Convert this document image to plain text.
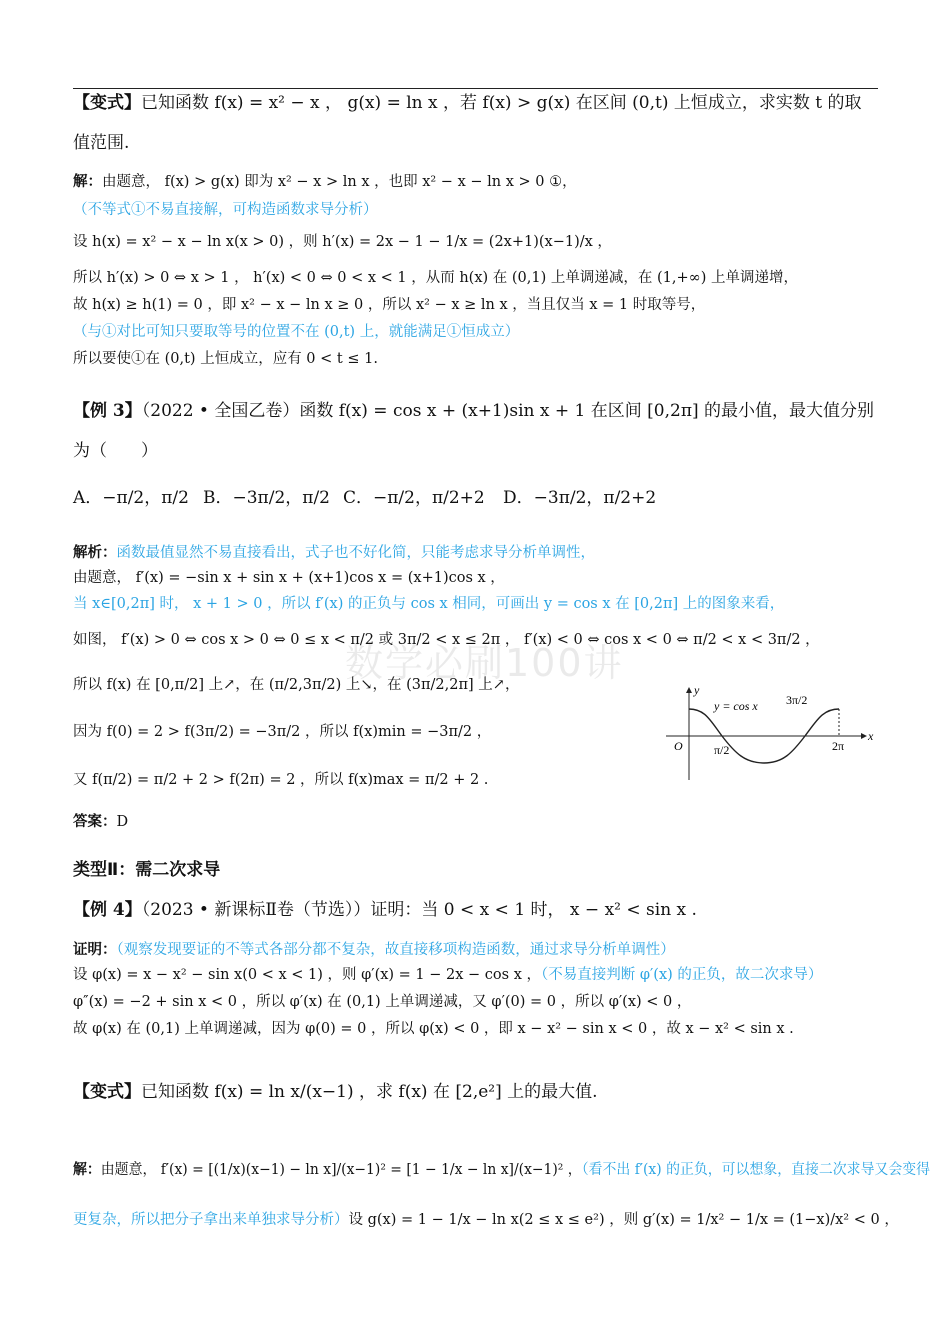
数学必刷100讲
【变式】已知函数 f(x) = x² − x ， g(x) = ln x ，若 f(x) > g(x) 在区间 (0,t) 上恒成立，求实数 t 的取
值范围.
解：由题意， f(x) > g(x) 即为 x² − x > ln x ，也即 x² − x − ln x > 0 ①，
（不等式①不易直接解，可构造函数求导分析）
设 h(x) = x² − x − ln x(x > 0) ，则 h′(x) = 2x − 1 − 1/x = (2x+1)(x−1)/x ，
所以 h′(x) > 0 ⇔ x > 1 ， h′(x) < 0 ⇔ 0 < x < 1 ，从而 h(x) 在 (0,1) 上单调递减，在 (1,+∞) 上单调递增，
故 h(x) ≥ h(1) = 0 ，即 x² − x − ln x ≥ 0 ，所以 x² − x ≥ ln x ，当且仅当 x = 1 时取等号，
（与①对比可知只要取等号的位置不在 (0,t) 上，就能满足①恒成立）
所以要使①在 (0,t) 上恒成立，应有 0 < t ≤ 1.
【例 3】（2022 • 全国乙卷）函数 f(x) = cos x + (x+1)sin x + 1 在区间 [0,2π] 的最小值，最大值分别
为（　　）
A．−π/2，π/2 B．−3π/2，π/2 C．−π/2，π/2+2 D．−3π/2，π/2+2
解析：函数最值显然不易直接看出，式子也不好化简，只能考虑求导分析单调性，
由题意， f′(x) = −sin x + sin x + (x+1)cos x = (x+1)cos x ，
当 x∈[0,2π] 时， x + 1 > 0 ，所以 f′(x) 的正负与 cos x 相同，可画出 y = cos x 在 [0,2π] 上的图象来看，
如图， f′(x) > 0 ⇔ cos x > 0 ⇔ 0 ≤ x < π/2 或 3π/2 < x ≤ 2π ， f′(x) < 0 ⇔ cos x < 0 ⇔ π/2 < x < 3π/2 ，
所以 f(x) 在 [0,π/2] 上↗，在 (π/2,3π/2) 上↘，在 (3π/2,2π] 上↗，
因为 f(0) = 2 > f(3π/2) = −3π/2 ，所以 f(x)min = −3π/2 ，
又 f(π/2) = π/2 + 2 > f(2π) = 2 ，所以 f(x)max = π/2 + 2 .
答案：D
y
x
O
y = cos x
π/2
3π/2
2π
类型Ⅱ：需二次求导
【例 4】（2023 • 新课标Ⅱ卷（节选））证明：当 0 < x < 1 时， x − x² < sin x .
证明：（观察发现要证的不等式各部分都不复杂，故直接移项构造函数，通过求导分析单调性）
设 φ(x) = x − x² − sin x(0 < x < 1) ，则 φ′(x) = 1 − 2x − cos x ，（不易直接判断 φ′(x) 的正负，故二次求导）
φ″(x) = −2 + sin x < 0 ，所以 φ′(x) 在 (0,1) 上单调递减，又 φ′(0) = 0 ，所以 φ′(x) < 0 ，
故 φ(x) 在 (0,1) 上单调递减，因为 φ(0) = 0 ，所以 φ(x) < 0 ，即 x − x² − sin x < 0 ，故 x − x² < sin x .
【变式】已知函数 f(x) = ln x/(x−1) ，求 f(x) 在 [2,e²] 上的最大值.
解：由题意， f′(x) = [(1/x)(x−1) − ln x]/(x−1)² = [1 − 1/x − ln x]/(x−1)² ，（看不出 f′(x) 的正负，可以想象，直接二次求导又会变得
更复杂，所以把分子拿出来单独求导分析）设 g(x) = 1 − 1/x − ln x(2 ≤ x ≤ e²) ，则 g′(x) = 1/x² − 1/x = (1−x)/x² < 0 ，
